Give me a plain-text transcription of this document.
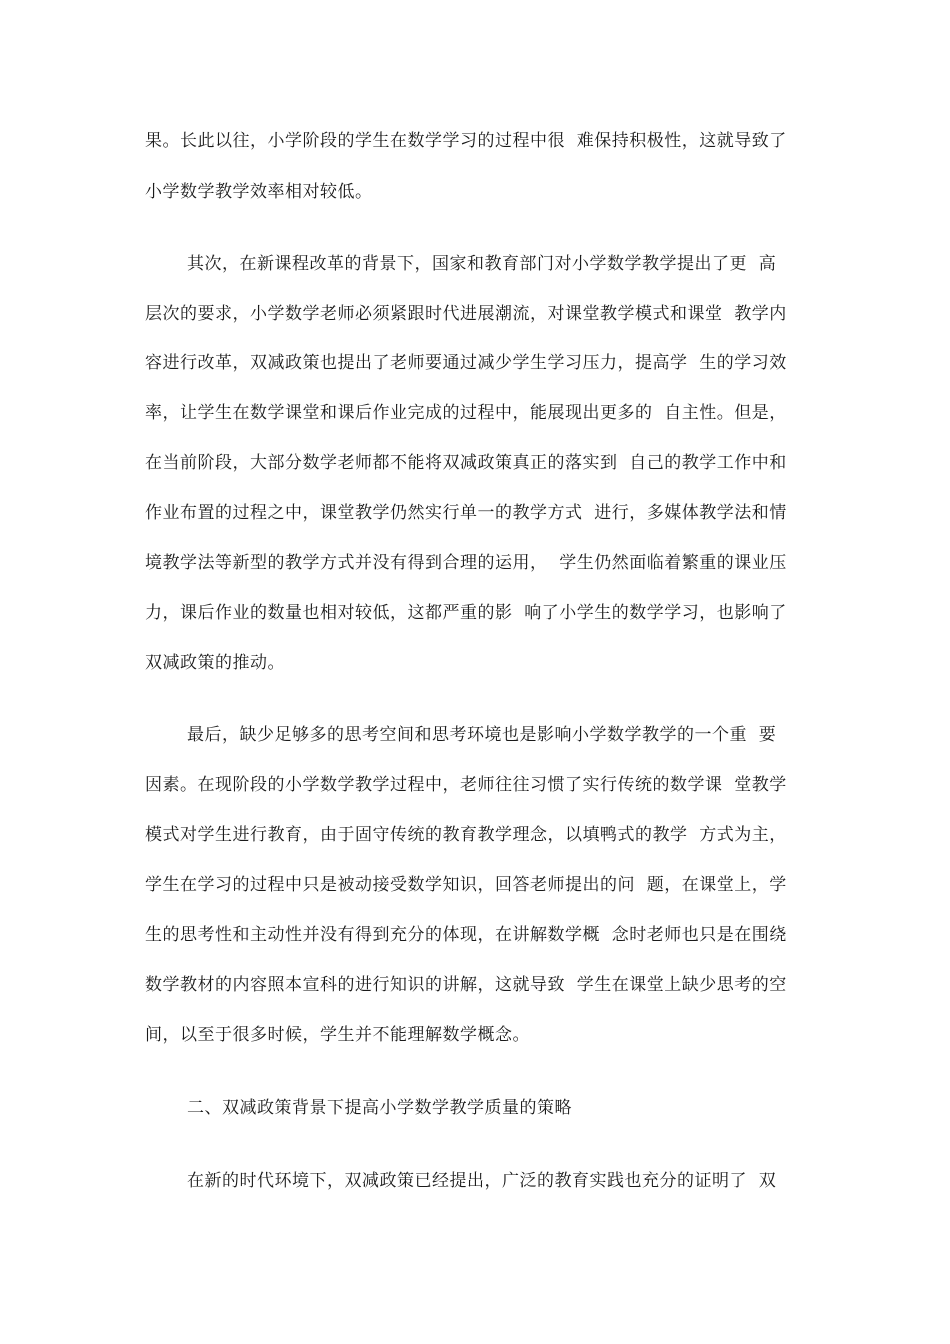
果。长此以往，小学阶段的学生在数学学习的过程中很  难保持积极性，这就导致了
小学数学教学效率相对较低。
其次，在新课程改革的背景下，国家和教育部门对小学数学教学提出了更  高
层次的要求，小学数学老师必须紧跟时代进展潮流，对课堂教学模式和课堂  教学内
容进行改革，双减政策也提出了老师要通过减少学生学习压力，提高学  生的学习效
率，让学生在数学课堂和课后作业完成的过程中，能展现出更多的  自主性。但是，
在当前阶段，大部分数学老师都不能将双减政策真正的落实到  自己的教学工作中和
作业布置的过程之中，课堂教学仍然实行单一的教学方式  进行，多媒体教学法和情
境教学法等新型的教学方式并没有得到合理的运用，  学生仍然面临着繁重的课业压
力，课后作业的数量也相对较低，这都严重的影  响了小学生的数学学习，也影响了
双减政策的推动。
最后，缺少足够多的思考空间和思考环境也是影响小学数学教学的一个重  要
因素。在现阶段的小学数学教学过程中，老师往往习惯了实行传统的数学课  堂教学
模式对学生进行教育，由于固守传统的教育教学理念，以填鸭式的教学  方式为主，
学生在学习的过程中只是被动接受数学知识，回答老师提出的问  题，在课堂上，学
生的思考性和主动性并没有得到充分的体现，在讲解数学概  念时老师也只是在围绕
数学教材的内容照本宣科的进行知识的讲解，这就导致  学生在课堂上缺少思考的空
间，以至于很多时候，学生并不能理解数学概念。
二、双减政策背景下提高小学数学教学质量的策略
在新的时代环境下，双减政策已经提出，广泛的教育实践也充分的证明了  双
